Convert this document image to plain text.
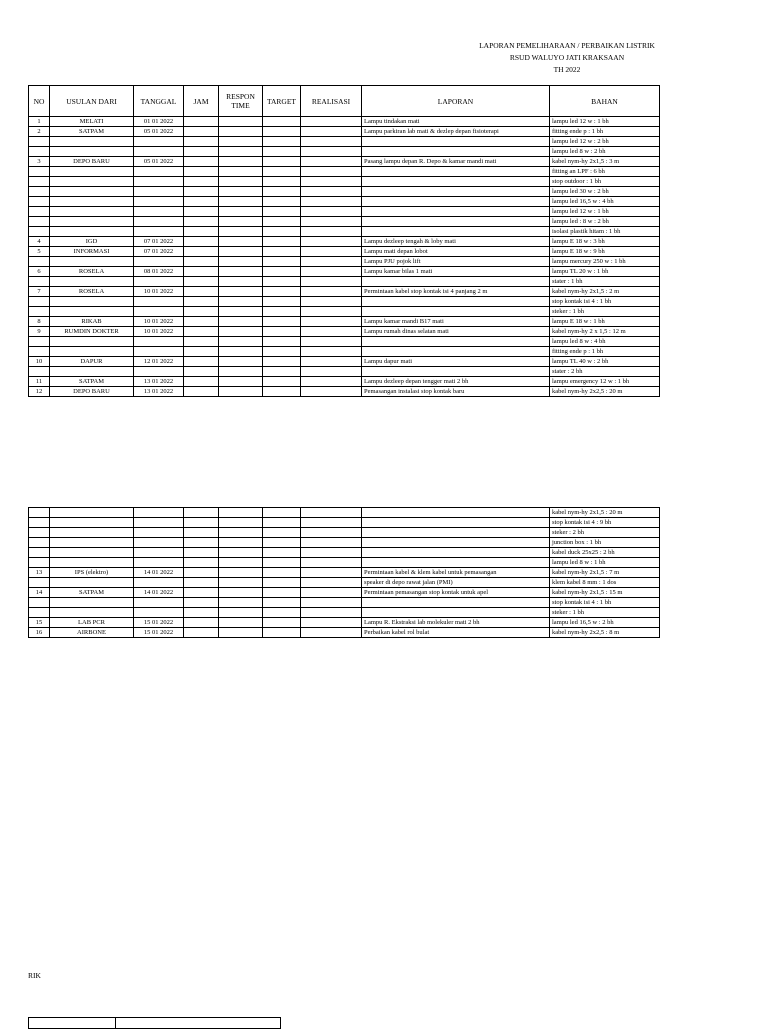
LAPORAN PEMELIHARAAN / PERBAIKAN LISTRIK
RSUD WALUYO JATI KRAKSAAN
TH 2022
NO	USULAN DARI	TANGGAL	JAM	RESPON TIME	TARGET	REALISASI	LAPORAN	BAHAN
1	MELATI	01 01 2022					Lampu tindakan mati	lampu led 12 w : 1 bh
2	SATPAM	05 01 2022					Lampu parkiran lab mati & dezlep depan fisioterapi	fitting ende p : 1 bh
								lampu led 12 w : 2 bh
								lampu led 8 w : 2 bh
3	DEPO BARU	05 01 2022					Pasang lampu depan R. Depo & kamar mandi mati	kabel nym-hy 2x1,5 : 3 m
								fitting an LPF : 6 bh
								stop outdoor : 1 bh
								lampu led 30 w : 2 bh
								lampu led 16,5 w : 4 bh
								lampu led 12 w : 1 bh
								lampu led : 8 w : 2 bh
								isolasi plastik hitam : 1 bh
4	IGD	07 01 2022					Lampu dezleep tengah & loby mati	lampu E 18 w : 3 bh
5	INFORMASI	07 01 2022					Lampu mati depan lobot	lampu E 18 w : 9 bh
							Lampu PJU pojok lift	lampu mercury 250 w : 1 bh
6	ROSELA	08 01 2022					Lampu kamar bilas 1 mati	lampu TL 20 w : 1 bh
								stater : 1 bh
7	ROSELA	10 01 2022					Permintaan kabel stop kontak isi 4 panjang 2 m	kabel nym-hy 2x1,5 : 2 m
								stop kontak isi 4 : 1 bh
								steker : 1 bh
8	RIKAB	10 01 2022					Lampu kamar mandi B17 mati	lampu E 18 w : 1 bh
9	RUMDIN DOKTER	10 01 2022					Lampu rumah dinas selatan mati	kabel nym-hy 2 x 1,5 : 12 m
								lampu led 8 w : 4 bh
								fitting ende p : 1 bh
10	DAPUR	12 01 2022					Lampu dapur mati	lampu TL 40 w : 2 bh
								stater : 2 bh
11	SATPAM	13 01 2022					Lampu dezleep depan tengger mati 2 bh	lampu emergency 12 w : 1 bh
12	DEPO BARU	13 01 2022					Pemasangan instalasi stop kontak baru	kabel nym-hy 2x2,5 : 20 m
								kabel nym-hy 2x1,5 : 20 m
								stop kontak isi 4 : 9 bh
								steker : 2 bh
								junction box : 1 bh
								kabel duck 25x25 : 2 bh
								lampu led 8 w : 1 bh
13	IPS (elektro)	14 01 2022					Permintaan kabel & klem kabel untuk pemasangan	kabel nym-hy 2x1,5 : 7 m
							speaker di depo rawat jalan (PMI)	klem kabel 8 mm : 1 dos
14	SATPAM	14 01 2022					Permintaan pemasangan stop kontak untuk apel	kabel nym-hy 2x1,5 : 15 m
								stop kontak isi 4 : 1 bh
								steker : 1 bh
15	LAB PCR	15 01 2022					Lampu R. Ekstraksi lab molekuler mati 2 bh	lampu led 16,5 w : 2 bh
16	AIRBONE	15 01 2022					Perbaikan kabel rol bulat	kabel nym-hy 2x2,5 : 8 m
RIK
